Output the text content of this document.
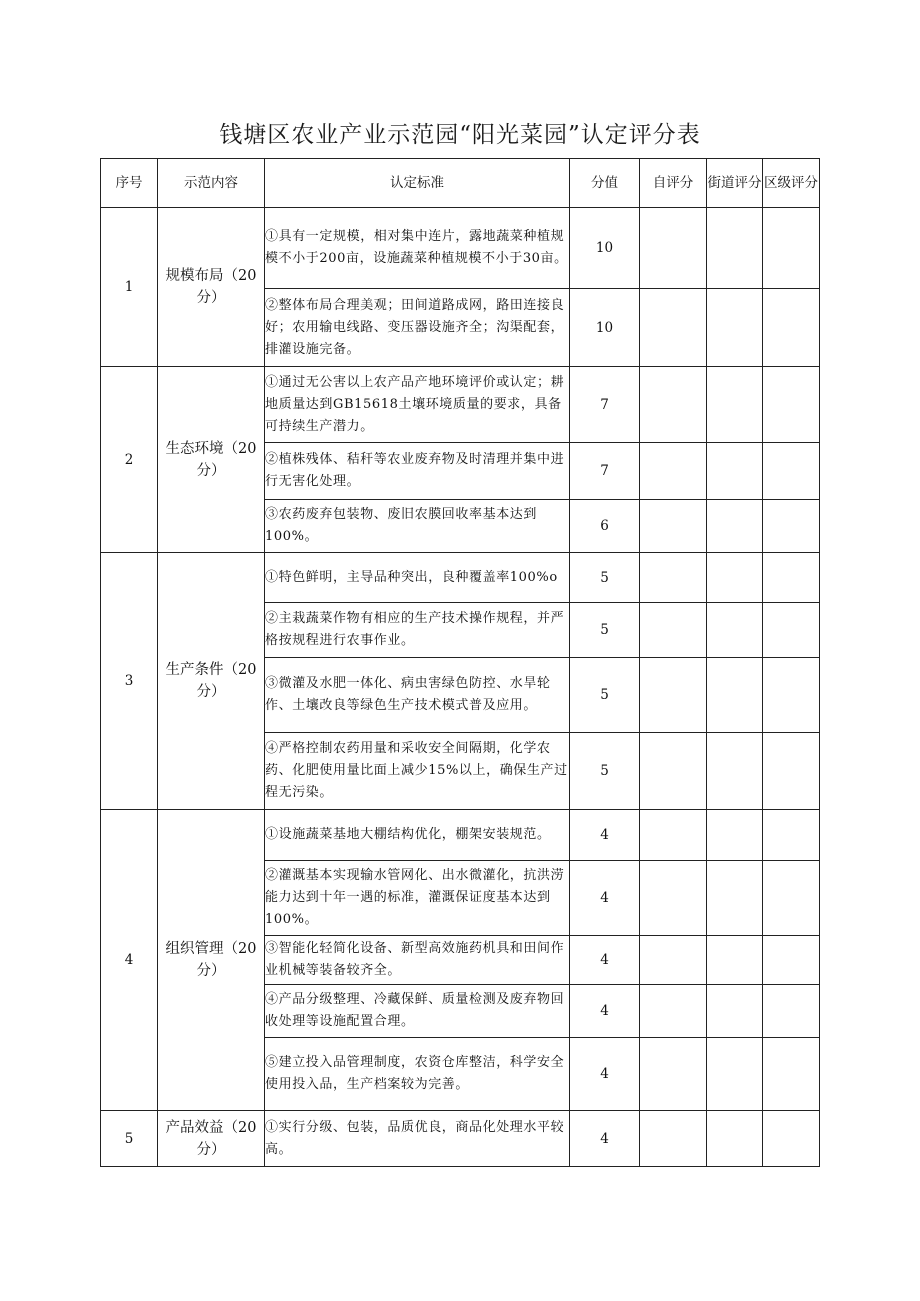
钱塘区农业产业示范园“阳光菜园”认定评分表
序号	示范内容	认定标准	分值	自评分	街道评分	区级评分
1	规模布局（20分）	①具有一定规模，相对集中连片，露地蔬菜种植规模不小于200亩，设施蔬菜种植规模不小于30亩。	10			
		②整体布局合理美观；田间道路成网，路田连接良好；农用输电线路、变压器设施齐全；沟渠配套，排灌设施完备。	10			
2	生态环境（20分）	①通过无公害以上农产品产地环境评价或认定；耕地质量达到GB15618土壤环境质量的要求，具备可持续生产潜力。	7			
		②植株残体、秸秆等农业废弃物及时清理并集中进行无害化处理。	7			
		③农药废弃包装物、废旧农膜回收率基本达到100%。	6			
3	生产条件（20分）	①特色鲜明，主导品种突出，良种覆盖率100%o	5			
		②主栽蔬菜作物有相应的生产技术操作规程，并严格按规程进行农事作业。	5			
		③微灌及水肥一体化、病虫害绿色防控、水旱轮作、土壤改良等绿色生产技术模式普及应用。	5			
		④严格控制农药用量和采收安全间隔期，化学农药、化肥使用量比面上减少15%以上，确保生产过程无污染。	5			
4	组织管理（20分）	①设施蔬菜基地大棚结构优化，棚架安装规范。	4			
		②灌溉基本实现输水管网化、出水微灌化，抗洪涝能力达到十年一遇的标准，灌溉保证度基本达到100%。	4			
		③智能化轻简化设备、新型高效施药机具和田间作业机械等装备较齐全。	4			
		④产品分级整理、冷藏保鲜、质量检测及废弃物回收处理等设施配置合理。	4			
		⑤建立投入品管理制度，农资仓库整洁，科学安全使用投入品，生产档案较为完善。	4			
5	产品效益（20分）	①实行分级、包装，品质优良，商品化处理水平较高。	4			
